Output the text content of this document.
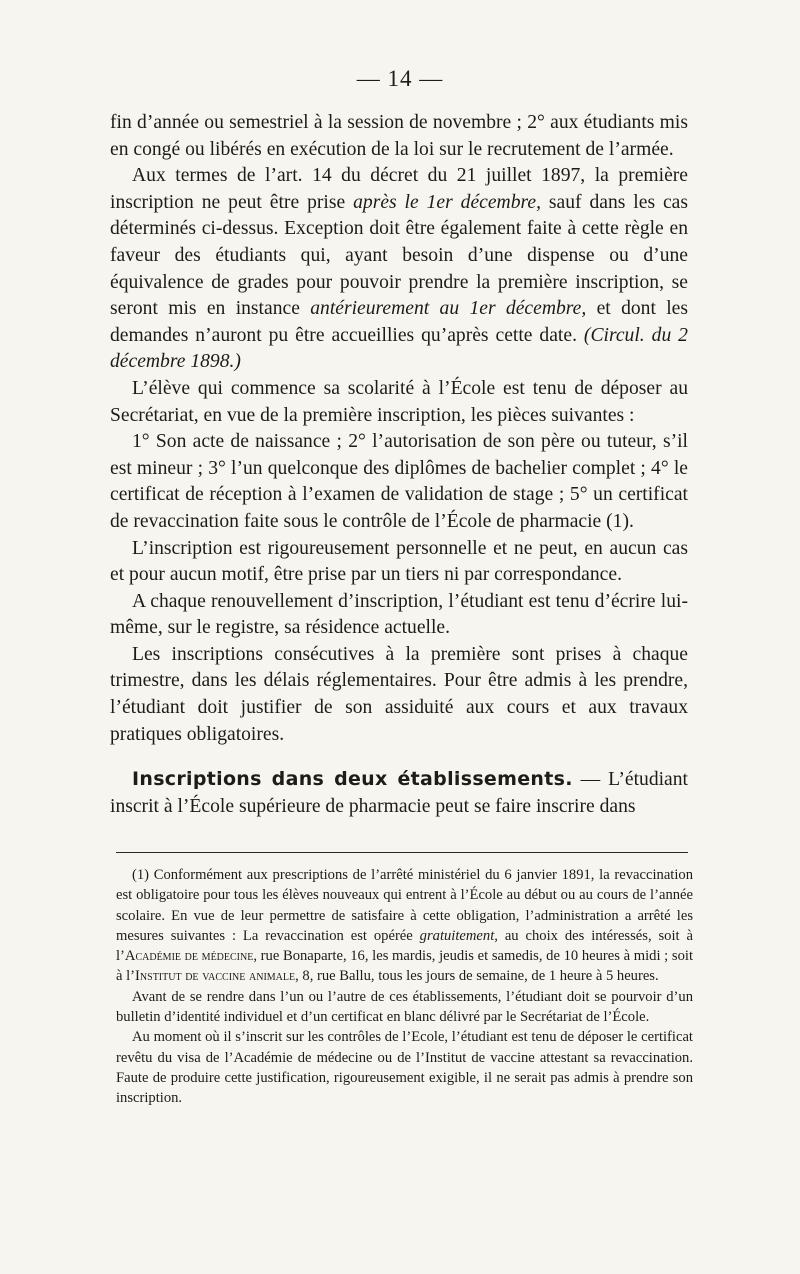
— 14 —

fin d’année ou semestriel à la session de novembre ; 2° aux étudiants mis en congé ou libérés en exécution de la loi sur le recrutement de l’armée.

Aux termes de l’art. 14 du décret du 21 juillet 1897, la première inscription ne peut être prise après le 1er décembre, sauf dans les cas déterminés ci-dessus. Exception doit être également faite à cette règle en faveur des étudiants qui, ayant besoin d’une dispense ou d’une équivalence de grades pour pouvoir prendre la première inscription, se seront mis en instance antérieurement au 1er décembre, et dont les demandes n’auront pu être accueillies qu’après cette date. (Circul. du 2 décembre 1898.)

L’élève qui commence sa scolarité à l’École est tenu de déposer au Secrétariat, en vue de la première inscription, les pièces suivantes :

1° Son acte de naissance ; 2° l’autorisation de son père ou tuteur, s’il est mineur ; 3° l’un quelconque des diplômes de bachelier complet ; 4° le certificat de réception à l’examen de validation de stage ; 5° un certificat de revaccination faite sous le contrôle de l’École de pharmacie (1).

L’inscription est rigoureusement personnelle et ne peut, en aucun cas et pour aucun motif, être prise par un tiers ni par correspondance.

A chaque renouvellement d’inscription, l’étudiant est tenu d’écrire lui-même, sur le registre, sa résidence actuelle.

Les inscriptions consécutives à la première sont prises à chaque trimestre, dans les délais réglementaires. Pour être admis à les prendre, l’étudiant doit justifier de son assiduité aux cours et aux travaux pratiques obligatoires.

Inscriptions dans deux établissements. — L’étudiant inscrit à l’École supérieure de pharmacie peut se faire inscrire dans

(1) Conformément aux prescriptions de l’arrêté ministériel du 6 janvier 1891, la revaccination est obligatoire pour tous les élèves nouveaux qui entrent à l’École au début ou au cours de l’année scolaire. En vue de leur permettre de satisfaire à cette obligation, l’administration a arrêté les mesures suivantes : La revaccination est opérée gratuitement, au choix des intéressés, soit à l’Académie de médecine, rue Bonaparte, 16, les mardis, jeudis et samedis, de 10 heures à midi ; soit à l’Institut de vaccine animale, 8, rue Ballu, tous les jours de semaine, de 1 heure à 5 heures.

Avant de se rendre dans l’un ou l’autre de ces établissements, l’étudiant doit se pourvoir d’un bulletin d’identité individuel et d’un certificat en blanc délivré par le Secrétariat de l’École.

Au moment où il s’inscrit sur les contrôles de l’Ecole, l’étudiant est tenu de déposer le certificat revêtu du visa de l’Académie de médecine ou de l’Institut de vaccine attestant sa revaccination. Faute de produire cette justification, rigoureusement exigible, il ne serait pas admis à prendre son inscription.
